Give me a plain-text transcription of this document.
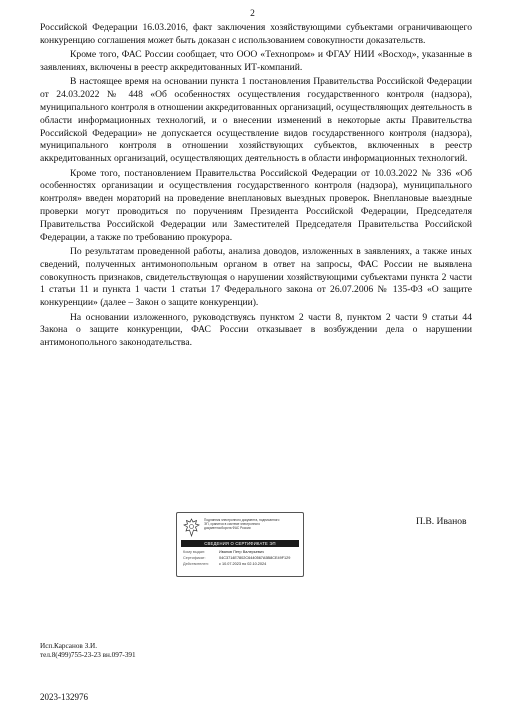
2

Российской Федерации 16.03.2016, факт заключения хозяйствующими субъектами ограничивающего конкуренцию соглашения может быть доказан с использованием совокупности доказательств.

Кроме того, ФАС России сообщает, что ООО «Технопром» и ФГАУ НИИ «Восход», указанные в заявлениях, включены в реестр аккредитованных ИТ-компаний.

В настоящее время на основании пункта 1 постановления Правительства Российской Федерации от 24.03.2022 № 448 «Об особенностях осуществления государственного контроля (надзора), муниципального контроля в отношении аккредитованных организаций, осуществляющих деятельность в области информационных технологий, и о внесении изменений в некоторые акты Правительства Российской Федерации» не допускается осуществление видов государственного контроля (надзора), муниципального контроля в отношении хозяйствующих субъектов, включенных в реестр аккредитованных организаций, осуществляющих деятельность в области информационных технологий.

Кроме того, постановлением Правительства Российской Федерации от 10.03.2022 № 336 «Об особенностях организации и осуществления государственного контроля (надзора), муниципального контроля» введен мораторий на проведение внеплановых выездных проверок. Внеплановые выездные проверки могут проводиться по поручениям Президента Российской Федерации, Председателя Правительства Российской Федерации или Заместителей Председателя Правительства Российской Федерации, а также по требованию прокурора.

По результатам проведенной работы, анализа доводов, изложенных в заявлениях, а также иных сведений, полученных антимонопольным органом в ответ на запросы, ФАС России не выявлена совокупность признаков, свидетельствующая о нарушении хозяйствующими субъектами пункта 2 части 1 статьи 11 и пункта 1 части 1 статьи 17 Федерального закона от 26.07.2006 № 135-ФЗ «О защите конкуренции» (далее – Закон о защите конкуренции).

На основании изложенного, руководствуясь пунктом 2 части 8, пунктом 2 части 9 статьи 44 Закона о защите конкуренции, ФАС России отказывает в возбуждении дела о нарушении антимонопольного законодательства.

Подлинник электронного документа, подписанного
ЭП, хранится в системе электронного
документооборота ФАС России
СВЕДЕНИЯ О СЕРТИФИКАТЕ ЭП
Кому выдан:	Иванов Петр Валерьевич
Сертификат:	04C3714E7802C6440567A5B8CE49F129
Действителен:	с 10.07.2023 по 02.10.2024
П.В. Иванов
Исп.Карсанов З.И.
тел.8(499)755-23-23 вн.097-391
2023-132976
